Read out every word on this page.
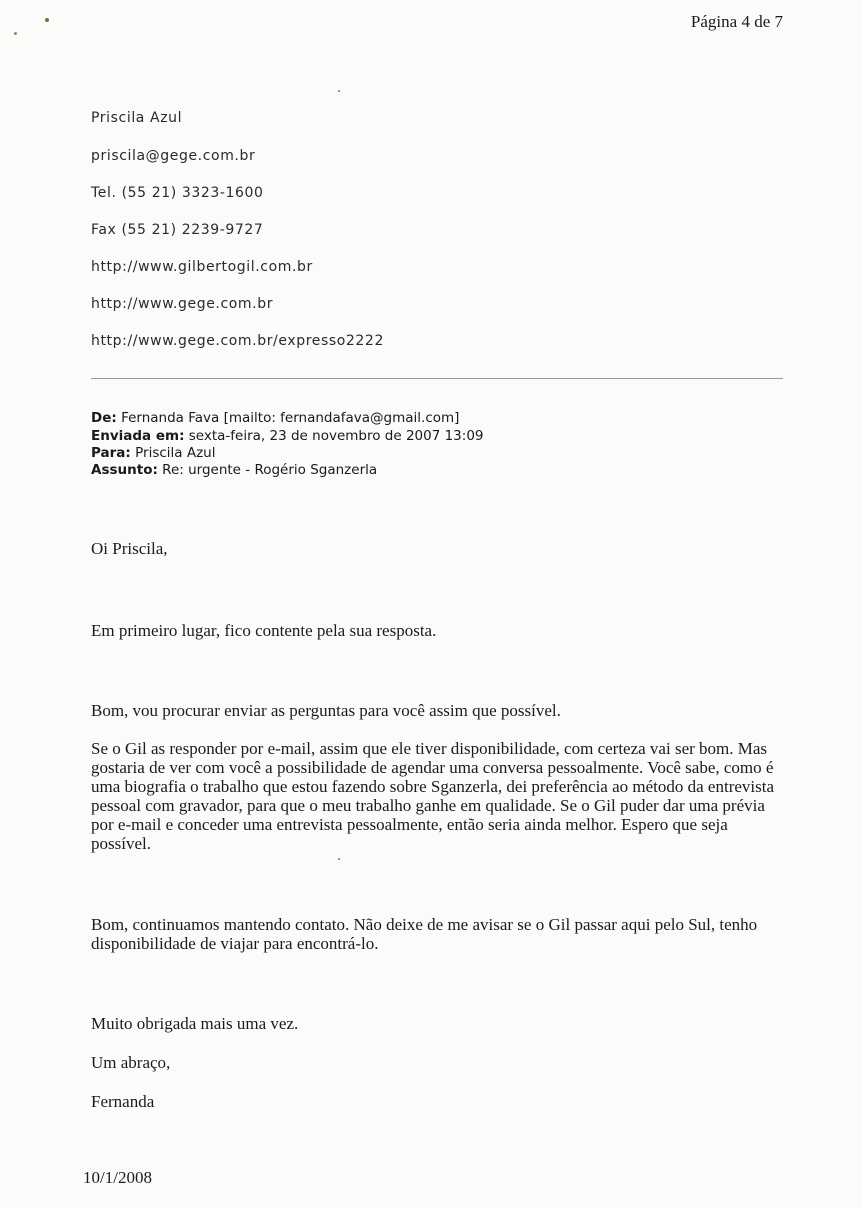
Página 4 de 7
Priscila Azul
priscila@gege.com.br
Tel. (55 21) 3323-1600
Fax (55 21) 2239-9727
http://www.gilbertogil.com.br
http://www.gege.com.br
http://www.gege.com.br/expresso2222
De: Fernanda Fava [mailto: fernandafava@gmail.com]
Enviada em: sexta-feira, 23 de novembro de 2007 13:09
Para: Priscila Azul
Assunto: Re: urgente - Rogério Sganzerla
Oi Priscila,
Em primeiro lugar, fico contente pela sua resposta.
Bom, vou procurar enviar as perguntas para você assim que possível.
Se o Gil as responder por e-mail, assim que ele tiver disponibilidade, com certeza vai ser bom. Mas gostaria de ver com você a possibilidade de agendar uma conversa pessoalmente. Você sabe, como é uma biografia o trabalho que estou fazendo sobre Sganzerla, dei preferência ao método da entrevista pessoal com gravador, para que o meu trabalho ganhe em qualidade. Se o Gil puder dar uma prévia por e-mail e conceder uma entrevista pessoalmente, então seria ainda melhor. Espero que seja possível.
Bom, continuamos mantendo contato. Não deixe de me avisar se o Gil passar aqui pelo Sul, tenho disponibilidade de viajar para encontrá-lo.
Muito obrigada mais uma vez.
Um abraço,
Fernanda
10/1/2008
